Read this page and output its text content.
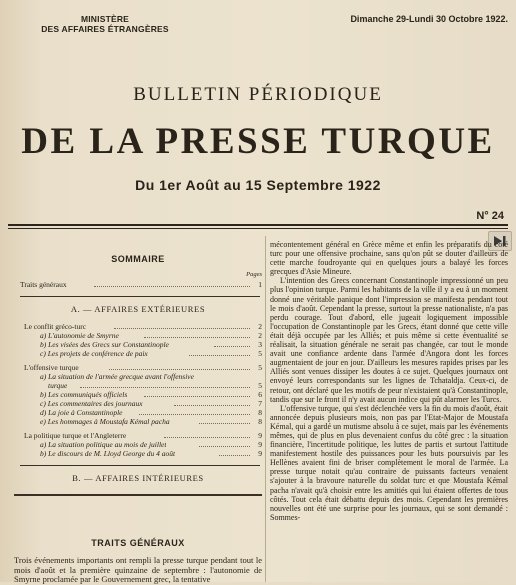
MINISTÈRE
DES AFFAIRES ÉTRANGÈRES
Dimanche 29-Lundi 30 Octobre 1922.
BULLETIN PÉRIODIQUE
DE LA PRESSE TURQUE
Du 1er Août au 15 Septembre 1922
N° 24
SOMMAIRE
Pages
Traits généraux	1
A. — AFFAIRES EXTÉRIEURES
Le conflit gréco-turc	2
a) L'autonomie de Smyrne	2
b) Les visées des Grecs sur Constantinople	3
c) Les projets de conférence de paix	5
L'offensive turque	5
a) La situation de l'armée grecque avant l'offensive
turque	5
b) Les communiqués officiels	6
c) Les commentaires des journaux	7
d) La joie à Constantinople	8
e) Les hommages à Moustafa Kémal pacha	8
La politique turque et l'Angleterre	9
a) La situation politique au mois de juillet	9
b) Le discours de M. Lloyd George du 4 août	9
B. — AFFAIRES INTÉRIEURES
TRAITS GÉNÉRAUX
Trois événements importants ont rempli la presse turque pendant tout le mois d'août et la première quinzaine de septembre : l'autonomie de Smyrne proclamée par le Gouvernement grec, la tentative

mécontentement général en Grèce même et enfin les préparatifs du côté turc pour une offensive prochaine, sans qu'on pût se douter d'ailleurs de cette marche foudroyante qui en quelques jours a balayé les forces grecques d'Asie Mineure.

L'intention des Grecs concernant Constantinople impressionné un peu plus l'opinion turque. Parmi les habitants de la ville il y a eu à un moment donné une véritable panique dont l'impression se manifesta pendant tout le mois d'août. Cependant la presse, surtout la presse nationaliste, n'a pas perdu courage. Tout d'abord, elle jugeait logiquement impossible l'occupation de Constantinople par les Grecs, étant donné que cette ville était déjà occupée par les Alliés; et puis même si cette éventualité se réalisait, la situation générale ne serait pas changée, car tout le monde avait une confiance ardente dans l'armée d'Angora dont les forces augmentaient de jour en jour. D'ailleurs les mesures rapides prises par les Alliés sont venues dissiper les doutes à ce sujet. Quelques journaux ont envoyé leurs correspondants sur les lignes de Tchataldja. Ceux-ci, de retour, ont déclaré que les motifs de peur n'existaient qu'à Constantinople, tandis que sur le front il n'y avait aucun indice qui pût alarmer les Turcs.

L'offensive turque, qui s'est déclenchée vers la fin du mois d'août, était annoncée depuis plusieurs mois, non pas par l'Etat-Major de Moustafa Kémal, qui a gardé un mutisme absolu à ce sujet, mais par les événements mêmes, qui de plus en plus devenaient confus du côté grec : la situation financière, l'incertitude politique, les luttes de partis et surtout l'attitude manifestement hostile des puissances pour les buts poursuivis par les Hellènes avaient fini de briser complètement le moral de l'armée. La presse turque notait qu'au contraire de puissants facteurs venaient s'ajouter à la bravoure naturelle du soldat turc et que Moustafa Kémal pacha n'avait qu'à choisir entre les amitiés qui lui étaient offertes de tous côtés. Tout cela était débattu depuis des mois. Cependant les premières nouvelles ont été une surprise pour les journaux, qui se sont demandé : Sommes-
